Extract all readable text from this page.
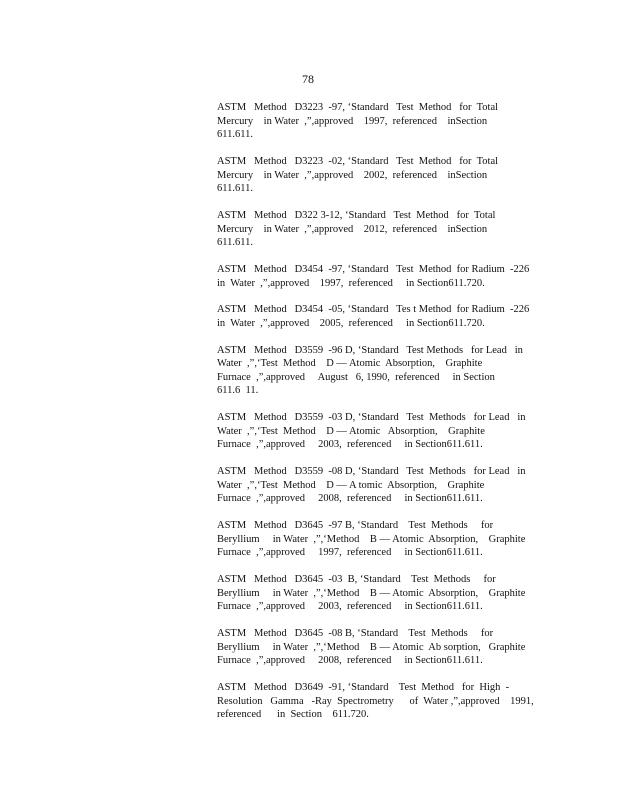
78
ASTM   Method   D3223  -97, ‘Standard   Test  Method   for  Total
Mercury    in Water  ,”,approved    1997,  referenced    inSection
611.611.
ASTM   Method   D3223  -02, ‘Standard   Test  Method   for  Total
Mercury    in Water  ,”,approved    2002,  referenced    inSection
611.611.
ASTM   Method   D322 3-12, ‘Standard   Test  Method   for  Total
Mercury    in Water  ,”,approved    2012,  referenced    inSection
611.611.
ASTM   Method   D3454  -97, ‘Standard   Test  Method  for Radium  -226
in  Water  ,”,approved    1997,  referenced     in Section611.720.
ASTM   Method   D3454  -05, ‘Standard   Tes t Method  for Radium  -226
in  Water  ,”,approved    2005,  referenced     in Section611.720.
ASTM   Method   D3559  -96 D, ‘Standard   Test Methods   for Lead   in
Water  ,”,‘Test  Method    D — Atomic  Absorption,    Graphite
Furnace  ,”,approved     August   6, 1990,  referenced     in Section
611.6  11.
ASTM   Method   D3559  -03 D, ‘Standard   Test  Methods   for Lead   in
Water  ,”,‘Test  Method    D — Atomic   Absorption,    Graphite
Furnace  ,”,approved     2003,  referenced     in Section611.611.
ASTM   Method   D3559  -08 D, ‘Standard   Test  Methods   for Lead   in
Water  ,”,‘Test  Method    D — A tomic  Absorption,    Graphite
Furnace  ,”,approved     2008,  referenced     in Section611.611.
ASTM   Method   D3645  -97 B, ‘Standard    Test  Methods     for
Beryllium     in Water  ,”,‘Method    B — Atomic  Absorption,    Graphite
Furnace  ,”,approved     1997,  referenced     in Section611.611.
ASTM   Method   D3645  -03  B, ‘Standard    Test  Methods     for
Beryllium     in Water  ,”,‘Method    B — Atomic  Absorption,    Graphite
Furnace  ,”,approved     2003,  referenced     in Section611.611.
ASTM   Method   D3645  -08 B, ‘Standard    Test  Methods     for
Beryllium     in Water  ,”,‘Method    B — Atomic  Ab sorption,   Graphite
Furnace  ,”,approved     2008,  referenced     in Section611.611.
ASTM   Method   D3649  -91, ‘Standard    Test  Method   for  High  -
Resolution   Gamma   -Ray  Spectrometry      of  Water ,”,approved    1991,
referenced      in  Section    611.720.
